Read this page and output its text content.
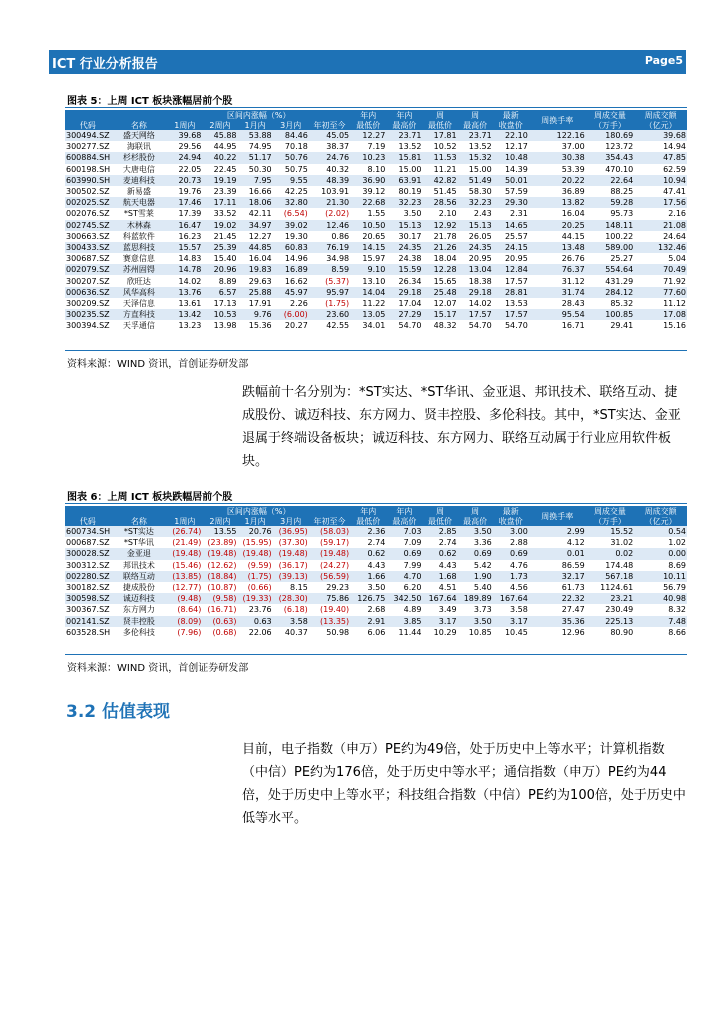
ICT 行业分析报告	Page5
图表 5：上周 ICT 板块涨幅居前个股
		区间内涨幅（%）					年内	年内	周	周	最新	周换手率	周成交量	周成交额
代码	名称	1周内	2周内	1月内	3月内	年初至今	最低价	最高价	最低价	最高价	收盘价		（万手）	（亿元）
300494.SZ	盛天网络	39.68	45.88	53.88	84.46	45.05	12.27	23.71	17.81	23.71	22.10	122.16	180.69	39.68
300277.SZ	海联讯	29.56	44.95	74.95	70.18	38.37	7.19	13.52	10.52	13.52	12.17	37.00	123.72	14.94
600884.SH	杉杉股份	24.94	40.22	51.17	50.76	24.76	10.23	15.81	11.53	15.32	10.48	30.38	354.43	47.85
600198.SH	大唐电信	22.05	22.45	50.30	50.75	40.32	8.10	15.00	11.21	15.00	14.39	53.39	470.10	62.59
603990.SH	麦迪科技	20.73	19.19	7.95	9.55	48.39	36.90	63.91	42.82	51.49	50.01	20.22	22.64	10.94
300502.SZ	新易盛	19.76	23.39	16.66	42.25	103.91	39.12	80.19	51.45	58.30	57.59	36.89	88.25	47.41
002025.SZ	航天电器	17.46	17.11	18.06	32.80	21.30	22.68	32.23	28.56	32.23	29.30	13.82	59.28	17.56
002076.SZ	*ST雪莱	17.39	33.52	42.11	(6.54)	(2.02)	1.55	3.50	2.10	2.43	2.31	16.04	95.73	2.16
002745.SZ	木林森	16.47	19.02	34.97	39.02	12.46	10.50	15.13	12.92	15.13	14.65	20.25	148.11	21.08
300663.SZ	科蓝软件	16.23	21.45	12.27	19.30	0.86	20.65	30.17	21.78	26.05	25.57	44.15	100.22	24.64
300433.SZ	蓝思科技	15.57	25.39	44.85	60.83	76.19	14.15	24.35	21.26	24.35	24.15	13.48	589.00	132.46
300687.SZ	赛意信息	14.83	15.40	16.04	14.96	34.98	15.97	24.38	18.04	20.95	20.95	26.76	25.27	5.04
002079.SZ	苏州固锝	14.78	20.96	19.83	16.89	8.59	9.10	15.59	12.28	13.04	12.84	76.37	554.64	70.49
300207.SZ	欣旺达	14.02	8.89	29.63	16.62	(5.37)	13.10	26.34	15.65	18.38	17.57	31.12	431.29	71.92
000636.SZ	风华高科	13.76	6.57	25.88	45.97	95.97	14.04	29.18	25.48	29.18	28.81	31.74	284.12	77.60
300209.SZ	天泽信息	13.61	17.13	17.91	2.26	(1.75)	11.22	17.04	12.07	14.02	13.53	28.43	85.32	11.12
300235.SZ	方直科技	13.42	10.53	9.76	(6.00)	23.60	13.05	27.29	15.17	17.57	17.57	95.54	100.85	17.08
300394.SZ	天孚通信	13.23	13.98	15.36	20.27	42.55	34.01	54.70	48.32	54.70	54.70	16.71	29.41	15.16
资料来源：WIND 资讯，首创证券研发部
跌幅前十名分别为：*ST实达、*ST华讯、金亚退、邦讯技术、联络互动、捷成股份、诚迈科技、东方网力、贤丰控股、多伦科技。其中，*ST实达、金亚退属于终端设备板块；诚迈科技、东方网力、联络互动属于行业应用软件板块。
图表 6：上周 ICT 板块跌幅居前个股
		区间内涨幅（%）					年内	年内	周	周	最新	周换手率	周成交量	周成交额
代码	名称	1周内	2周内	1月内	3月内	年初至今	最低价	最高价	最低价	最高价	收盘价		（万手）	（亿元）
600734.SH	*ST实达	(26.74)	13.55	20.76	(36.95)	(58.03)	2.36	7.03	2.85	3.50	3.00	2.99	15.52	0.54
000687.SZ	*ST华讯	(21.49)	(23.89)	(15.95)	(37.30)	(59.17)	2.74	7.09	2.74	3.36	2.88	4.12	31.02	1.02
300028.SZ	金亚退	(19.48)	(19.48)	(19.48)	(19.48)	(19.48)	0.62	0.69	0.62	0.69	0.69	0.01	0.02	0.00
300312.SZ	邦讯技术	(15.46)	(12.62)	(9.59)	(36.17)	(24.27)	4.43	7.99	4.43	5.42	4.76	86.59	174.48	8.69
002280.SZ	联络互动	(13.85)	(18.84)	(1.75)	(39.13)	(56.59)	1.66	4.70	1.68	1.90	1.73	32.17	567.18	10.11
300182.SZ	捷成股份	(12.77)	(10.87)	(0.66)	8.15	29.23	3.50	6.20	4.51	5.40	4.56	61.73	1124.61	56.79
300598.SZ	诚迈科技	(9.48)	(9.58)	(19.33)	(28.30)	75.86	126.75	342.50	167.64	189.89	167.64	22.32	23.21	40.98
300367.SZ	东方网力	(8.64)	(16.71)	23.76	(6.18)	(19.40)	2.68	4.89	3.49	3.73	3.58	27.47	230.49	8.32
002141.SZ	贤丰控股	(8.09)	(0.63)	0.63	3.58	(13.35)	2.91	3.85	3.17	3.50	3.17	35.36	225.13	7.48
603528.SH	多伦科技	(7.96)	(0.68)	22.06	40.37	50.98	6.06	11.44	10.29	10.85	10.45	12.96	80.90	8.66
资料来源：WIND 资讯，首创证券研发部
3.2 估值表现
目前，电子指数（申万）PE约为49倍，处于历史中上等水平；计算机指数（中信）PE约为176倍，处于历史中等水平；通信指数（申万）PE约为44倍，处于历史中上等水平；科技组合指数（中信）PE约为100倍，处于历史中低等水平。
